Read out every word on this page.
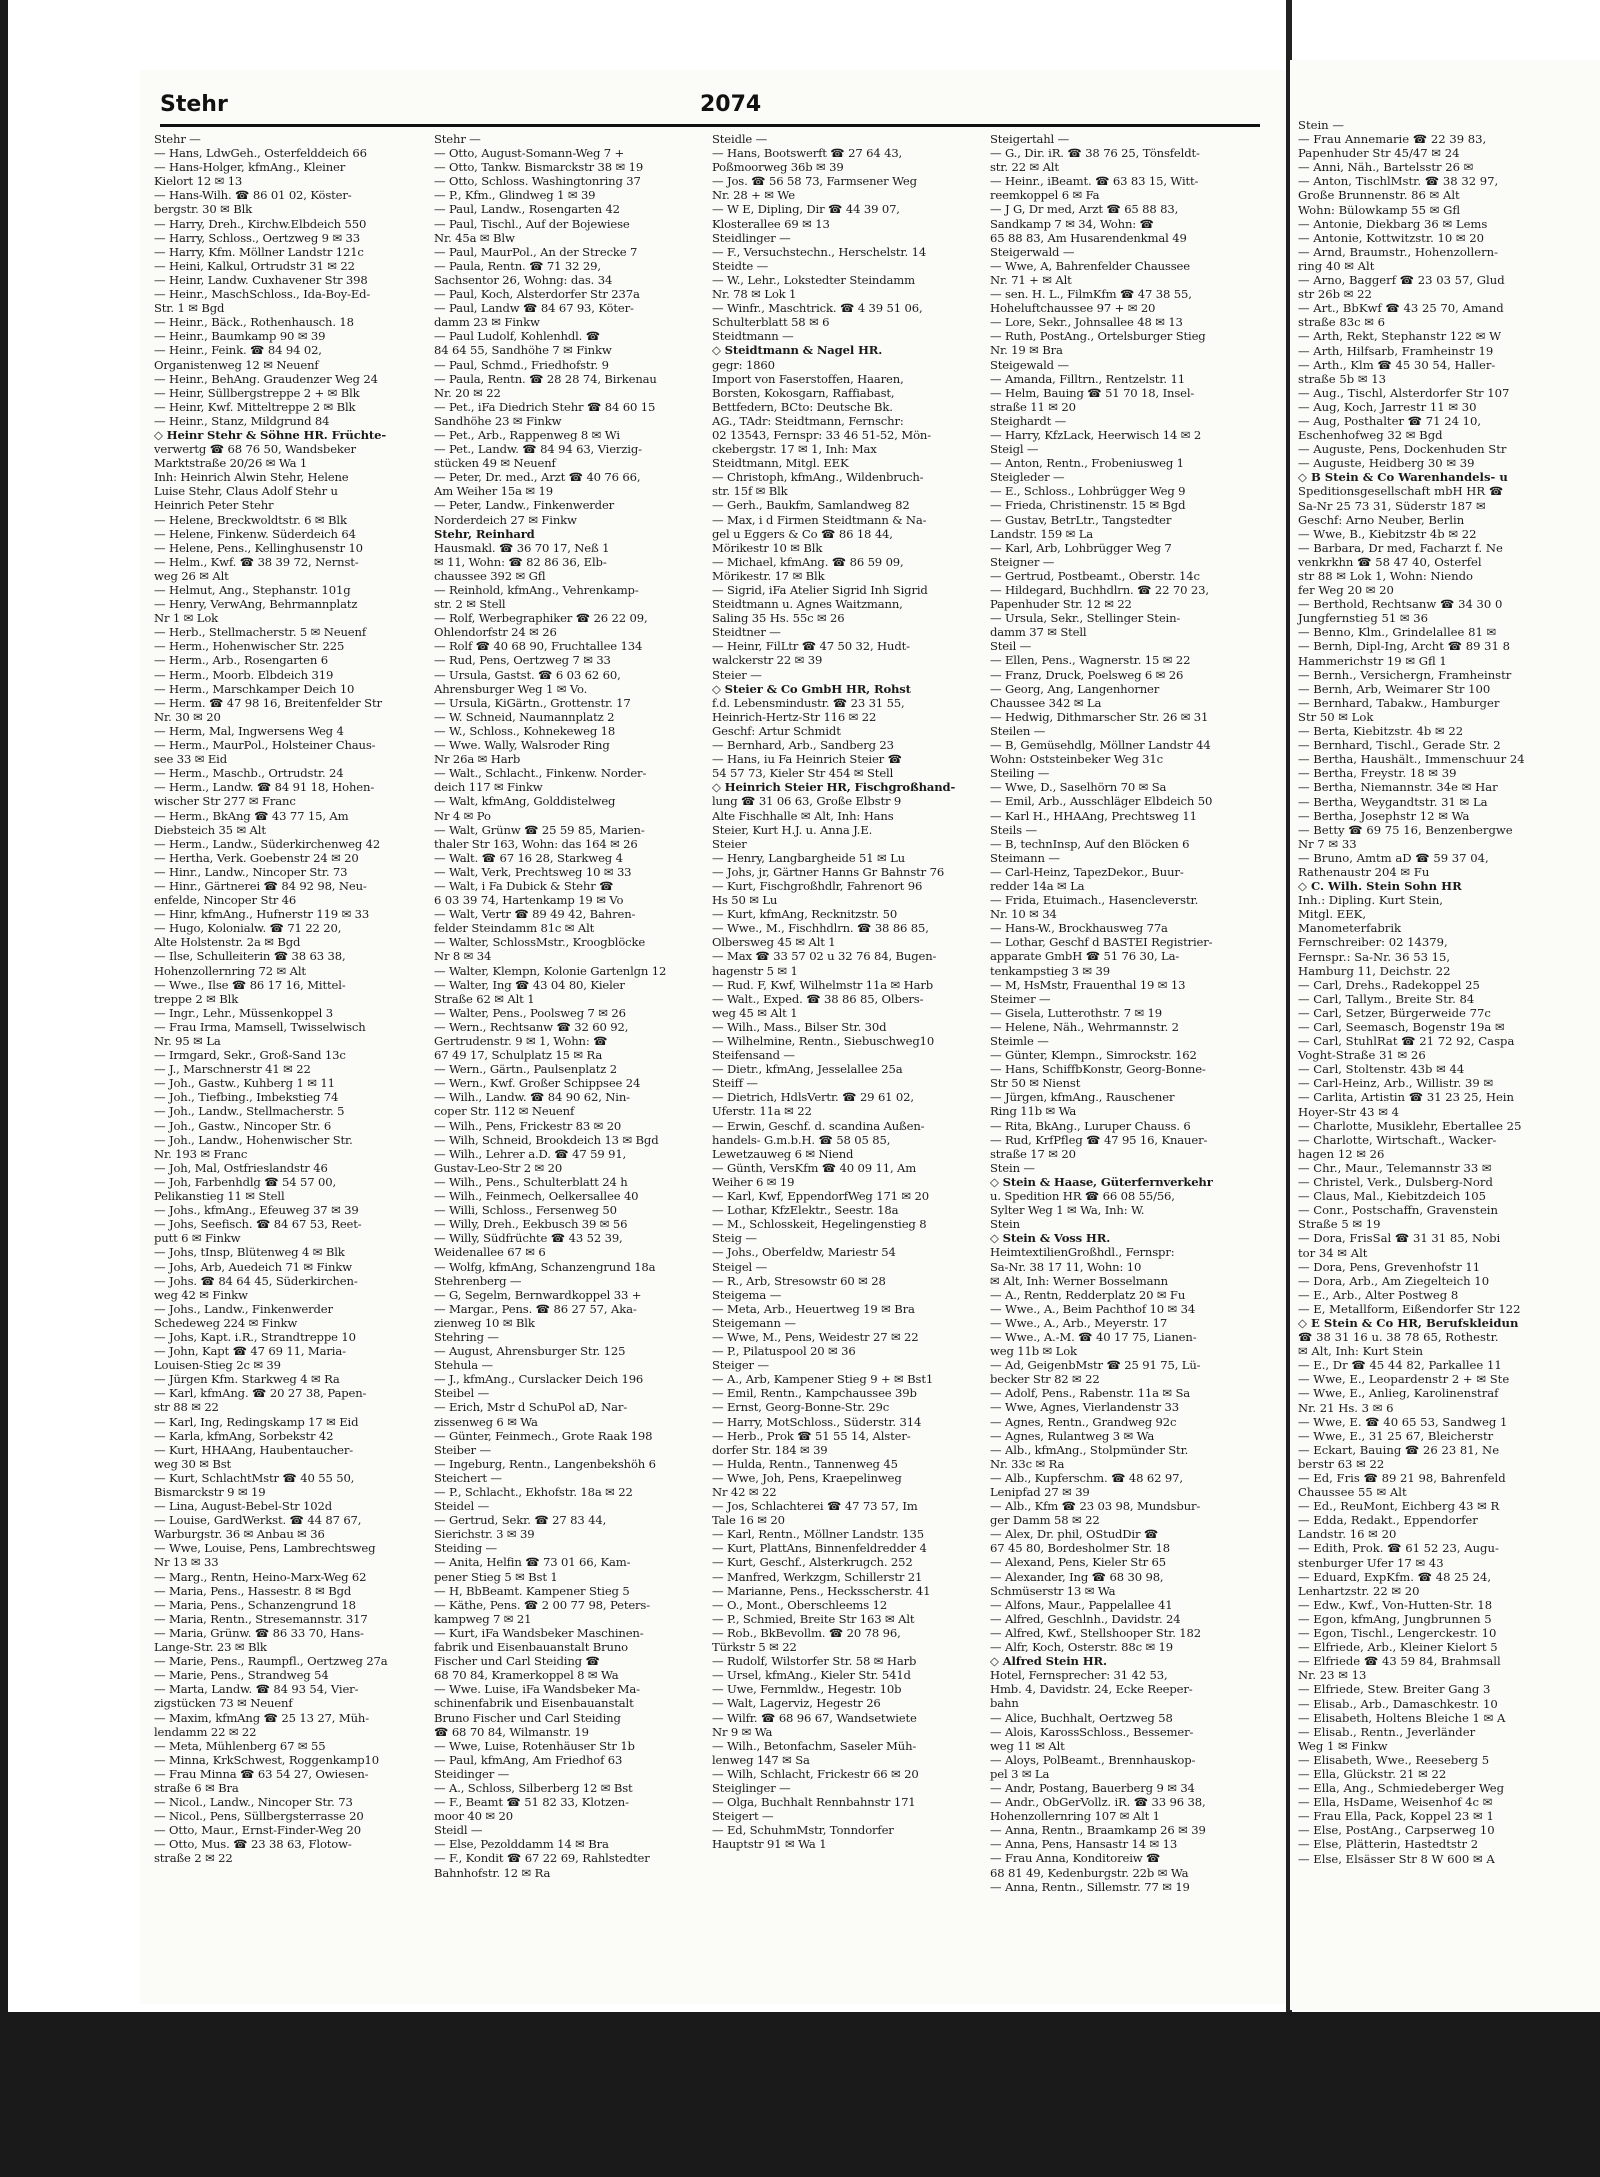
Stehr	2074
Stehr —
— Hans, LdwGeh., Osterfelddeich 66
— Hans-Holger, kfmAng., Kleiner
Kielort 12 ✉ 13
— Hans-Wilh. ☎ 86 01 02, Köster-
bergstr. 30 ✉ Blk
— Harry, Dreh., Kirchw.Elbdeich 550
— Harry, Schloss., Oertzweg 9 ✉ 33
— Harry, Kfm. Möllner Landstr 121c
— Heini, Kalkul, Ortrudstr 31 ✉ 22
— Heinr, Landw. Cuxhavener Str 398
— Heinr., MaschSchloss., Ida-Boy-Ed-
Str. 1 ✉ Bgd
— Heinr., Bäck., Rothenhausch. 18
— Heinr., Baumkamp 90 ✉ 39
— Heinr., Feink. ☎ 84 94 02,
Organistenweg 12 ✉ Neuenf
— Heinr., BehAng. Graudenzer Weg 24
— Heinr, Süllbergstreppe 2 + ✉ Blk
— Heinr, Kwf. Mitteltreppe 2 ✉ Blk
— Heinr., Stanz, Mildgrund 84
◇ Heinr Stehr & Söhne HR. Früchte-
verwertg ☎ 68 76 50, Wandsbeker
Marktstraße 20/26 ✉ Wa 1
Inh: Heinrich Alwin Stehr, Helene
Luise Stehr, Claus Adolf Stehr u
Heinrich Peter Stehr
— Helene, Breckwoldtstr. 6 ✉ Blk
— Helene, Finkenw. Süderdeich 64
— Helene, Pens., Kellinghusenstr 10
— Helm., Kwf. ☎ 38 39 72, Nernst-
weg 26 ✉ Alt
— Helmut, Ang., Stephanstr. 101g
— Henry, VerwAng, Behrmannplatz
Nr 1 ✉ Lok
— Herb., Stellmacherstr. 5 ✉ Neuenf
— Herm., Hohenwischer Str. 225
— Herm., Arb., Rosengarten 6
— Herm., Moorb. Elbdeich 319
— Herm., Marschkamper Deich 10
— Herm. ☎ 47 98 16, Breitenfelder Str
Nr. 30 ✉ 20
— Herm, Mal, Ingwersens Weg 4
— Herm., MaurPol., Holsteiner Chaus-
see 33 ✉ Eid
— Herm., Maschb., Ortrudstr. 24
— Herm., Landw. ☎ 84 91 18, Hohen-
wischer Str 277 ✉ Franc
— Herm., BkAng ☎ 43 77 15, Am
Diebsteich 35 ✉ Alt
— Herm., Landw., Süderkirchenweg 42
— Hertha, Verk. Goebenstr 24 ✉ 20
— Hinr., Landw., Nincoper Str. 73
— Hinr., Gärtnerei ☎ 84 92 98, Neu-
enfelde, Nincoper Str 46
— Hinr, kfmAng., Hufnerstr 119 ✉ 33
— Hugo, Kolonialw. ☎ 71 22 20,
Alte Holstenstr. 2a ✉ Bgd
— Ilse, Schulleiterin ☎ 38 63 38,
Hohenzollernring 72 ✉ Alt
— Wwe., Ilse ☎ 86 17 16, Mittel-
treppe 2 ✉ Blk
— Ingr., Lehr., Müssenkoppel 3
— Frau Irma, Mamsell, Twisselwisch
Nr. 95 ✉ La
— Irmgard, Sekr., Groß-Sand 13c
— J., Marschnerstr 41 ✉ 22
— Joh., Gastw., Kuhberg 1 ✉ 11
— Joh., Tiefbing., Imbekstieg 74
— Joh., Landw., Stellmacherstr. 5
— Joh., Gastw., Nincoper Str. 6
— Joh., Landw., Hohenwischer Str.
Nr. 193 ✉ Franc
— Joh, Mal, Ostfrieslandstr 46
— Joh, Farbenhdlg ☎ 54 57 00,
Pelikanstieg 11 ✉ Stell
— Johs., kfmAng., Efeuweg 37 ✉ 39
— Johs, Seefisch. ☎ 84 67 53, Reet-
putt 6 ✉ Finkw
— Johs, tInsp, Blütenweg 4 ✉ Blk
— Johs, Arb, Auedeich 71 ✉ Finkw
— Johs. ☎ 84 64 45, Süderkirchen-
weg 42 ✉ Finkw
— Johs., Landw., Finkenwerder
Schedeweg 224 ✉ Finkw
— Johs, Kapt. i.R., Strandtreppe 10
— John, Kapt ☎ 47 69 11, Maria-
Louisen-Stieg 2c ✉ 39
— Jürgen Kfm. Starkweg 4 ✉ Ra
— Karl, kfmAng. ☎ 20 27 38, Papen-
str 88 ✉ 22
— Karl, Ing, Redingskamp 17 ✉ Eid
— Karla, kfmAng, Sorbekstr 42
— Kurt, HHAAng, Haubentaucher-
weg 30 ✉ Bst
— Kurt, SchlachtMstr ☎ 40 55 50,
Bismarckstr 9 ✉ 19
— Lina, August-Bebel-Str 102d
— Louise, GardWerkst. ☎ 44 87 67,
Warburgstr. 36 ✉ Anbau ✉ 36
— Wwe, Louise, Pens, Lambrechtsweg
Nr 13 ✉ 33
— Marg., Rentn, Heino-Marx-Weg 62
— Maria, Pens., Hassestr. 8 ✉ Bgd
— Maria, Pens., Schanzengrund 18
— Maria, Rentn., Stresemannstr. 317
— Maria, Grünw. ☎ 86 33 70, Hans-
Lange-Str. 23 ✉ Blk
— Marie, Pens., Raumpfl., Oertzweg 27a
— Marie, Pens., Strandweg 54
— Marta, Landw. ☎ 84 93 54, Vier-
zigstücken 73 ✉ Neuenf
— Maxim, kfmAng ☎ 25 13 27, Müh-
lendamm 22 ✉ 22
— Meta, Mühlenberg 67 ✉ 55
— Minna, KrkSchwest, Roggenkamp10
— Frau Minna ☎ 63 54 27, Owiesen-
straße 6 ✉ Bra
— Nicol., Landw., Nincoper Str. 73
— Nicol., Pens, Süllbergsterrasse 20
— Otto, Maur., Ernst-Finder-Weg 20
— Otto, Mus. ☎ 23 38 63, Flotow-
straße 2 ✉ 22
Stehr —
— Otto, August-Somann-Weg 7 +
— Otto, Tankw. Bismarckstr 38 ✉ 19
— Otto, Schloss. Washingtonring 37
— P., Kfm., Glindweg 1 ✉ 39
— Paul, Landw., Rosengarten 42
— Paul, Tischl., Auf der Bojewiese
Nr. 45a ✉ Blw
— Paul, MaurPol., An der Strecke 7
— Paula, Rentn. ☎ 71 32 29,
Sachsentor 26, Wohng: das. 34
— Paul, Koch, Alsterdorfer Str 237a
— Paul, Landw ☎ 84 67 93, Köter-
damm 23 ✉ Finkw
— Paul Ludolf, Kohlenhdl. ☎
84 64 55, Sandhöhe 7 ✉ Finkw
— Paul, Schmd., Friedhofstr. 9
— Paula, Rentn. ☎ 28 28 74, Birkenau
Nr. 20 ✉ 22
— Pet., iFa Diedrich Stehr ☎ 84 60 15
Sandhöhe 23 ✉ Finkw
— Pet., Arb., Rappenweg 8 ✉ Wi
— Pet., Landw. ☎ 84 94 63, Vierzig-
stücken 49 ✉ Neuenf
— Peter, Dr. med., Arzt ☎ 40 76 66,
Am Weiher 15a ✉ 19
— Peter, Landw., Finkenwerder
Norderdeich 27 ✉ Finkw
Stehr, Reinhard
Hausmakl. ☎ 36 70 17, Neß 1
✉ 11, Wohn: ☎ 82 86 36, Elb-
chaussee 392 ✉ Gfl
— Reinhold, kfmAng., Vehrenkamp-
str. 2 ✉ Stell
— Rolf, Werbegraphiker ☎ 26 22 09,
Ohlendorfstr 24 ✉ 26
— Rolf ☎ 40 68 90, Fruchtallee 134
— Rud, Pens, Oertzweg 7 ✉ 33
— Ursula, Gastst. ☎ 6 03 62 60,
Ahrensburger Weg 1 ✉ Vo.
— Ursula, KiGärtn., Grottenstr. 17
— W. Schneid, Naumannplatz 2
— W., Schloss., Kohnekeweg 18
— Wwe. Wally, Walsroder Ring
Nr 26a ✉ Harb
— Walt., Schlacht., Finkenw. Norder-
deich 117 ✉ Finkw
— Walt, kfmAng, Golddistelweg
Nr 4 ✉ Po
— Walt, Grünw ☎ 25 59 85, Marien-
thaler Str 163, Wohn: das 164 ✉ 26
— Walt. ☎ 67 16 28, Starkweg 4
— Walt, Verk, Prechtsweg 10 ✉ 33
— Walt, i Fa Dubick & Stehr ☎
6 03 39 74, Hartenkamp 19 ✉ Vo
— Walt, Vertr ☎ 89 49 42, Bahren-
felder Steindamm 81c ✉ Alt
— Walter, SchlossMstr., Kroogblöcke
Nr 8 ✉ 34
— Walter, Klempn, Kolonie Gartenlgn 12
— Walter, Ing ☎ 43 04 80, Kieler
Straße 62 ✉ Alt 1
— Walter, Pens., Poolsweg 7 ✉ 26
— Wern., Rechtsanw ☎ 32 60 92,
Gertrudenstr. 9 ✉ 1, Wohn: ☎
67 49 17, Schulplatz 15 ✉ Ra
— Wern., Gärtn., Paulsenplatz 2
— Wern., Kwf. Großer Schippsee 24
— Wilh., Landw. ☎ 84 90 62, Nin-
coper Str. 112 ✉ Neuenf
— Wilh., Pens, Frickestr 83 ✉ 20
— Wilh, Schneid, Brookdeich 13 ✉ Bgd
— Wilh., Lehrer a.D. ☎ 47 59 91,
Gustav-Leo-Str 2 ✉ 20
— Wilh., Pens., Schulterblatt 24 h
— Wilh., Feinmech, Oelkersallee 40
— Willi, Schloss., Fersenweg 50
— Willy, Dreh., Eekbusch 39 ✉ 56
— Willy, Südfrüchte ☎ 43 52 39,
Weidenallee 67 ✉ 6
— Wolfg, kfmAng, Schanzengrund 18a
Stehrenberg —
— G, Segelm, Bernwardkoppel 33 +
— Margar., Pens. ☎ 86 27 57, Aka-
zienweg 10 ✉ Blk
Stehring —
— August, Ahrensburger Str. 125
Stehula —
— J., kfmAng., Curslacker Deich 196
Steibel —
— Erich, Mstr d SchuPol aD, Nar-
zissenweg 6 ✉ Wa
— Günter, Feinmech., Grote Raak 198
Steiber —
— Ingeburg, Rentn., Langenbekshöh 6
Steichert —
— P., Schlacht., Ekhofstr. 18a ✉ 22
Steidel —
— Gertrud, Sekr. ☎ 27 83 44,
Sierichstr. 3 ✉ 39
Steiding —
— Anita, Helfin ☎ 73 01 66, Kam-
pener Stieg 5 ✉ Bst 1
— H, BbBeamt. Kampener Stieg 5
— Käthe, Pens. ☎ 2 00 77 98, Peters-
kampweg 7 ✉ 21
— Kurt, iFa Wandsbeker Maschinen-
fabrik und Eisenbauanstalt Bruno
Fischer und Carl Steiding ☎
68 70 84, Kramerkoppel 8 ✉ Wa
— Wwe. Luise, iFa Wandsbeker Ma-
schinenfabrik und Eisenbauanstalt
Bruno Fischer und Carl Steiding
☎ 68 70 84, Wilmanstr. 19
— Wwe, Luise, Rotenhäuser Str 1b
— Paul, kfmAng, Am Friedhof 63
Steidinger —
— A., Schloss, Silberberg 12 ✉ Bst
— F., Beamt ☎ 51 82 33, Klotzen-
moor 40 ✉ 20
Steidl —
— Else, Pezolddamm 14 ✉ Bra
— F., Kondit ☎ 67 22 69, Rahlstedter
Bahnhofstr. 12 ✉ Ra
Steidle —
— Hans, Bootswerft ☎ 27 64 43,
Poßmoorweg 36b ✉ 39
— Jos. ☎ 56 58 73, Farmsener Weg
Nr. 28 + ✉ We
— W E, Dipling, Dir ☎ 44 39 07,
Klosterallee 69 ✉ 13
Steidlinger —
— F., Versuchstechn., Herschelstr. 14
Steidte —
— W., Lehr., Lokstedter Steindamm
Nr. 78 ✉ Lok 1
— Winfr., Maschtrick. ☎ 4 39 51 06,
Schulterblatt 58 ✉ 6
Steidtmann —
◇ Steidtmann & Nagel HR.
gegr: 1860
Import von Faserstoffen, Haaren,
Borsten, Kokosgarn, Raffiabast,
Bettfedern, BCto: Deutsche Bk.
AG., TAdr: Steidtmann, Fernschr:
02 13543, Fernspr: 33 46 51-52, Mön-
ckebergstr. 17 ✉ 1, Inh: Max
Steidtmann, Mitgl. EEK
— Christoph, kfmAng., Wildenbruch-
str. 15f ✉ Blk
— Gerh., Baukfm, Samlandweg 82
— Max, i d Firmen Steidtmann & Na-
gel u Eggers & Co ☎ 86 18 44,
Mörikestr 10 ✉ Blk
— Michael, kfmAng. ☎ 86 59 09,
Mörikestr. 17 ✉ Blk
— Sigrid, iFa Atelier Sigrid Inh Sigrid
Steidtmann u. Agnes Waitzmann,
Saling 35 Hs. 55c ✉ 26
Steidtner —
— Heinr, FilLtr ☎ 47 50 32, Hudt-
walckerstr 22 ✉ 39
Steier —
◇ Steier & Co GmbH HR, Rohst
f.d. Lebensmindustr. ☎ 23 31 55,
Heinrich-Hertz-Str 116 ✉ 22
Geschf: Artur Schmidt
— Bernhard, Arb., Sandberg 23
— Hans, iu Fa Heinrich Steier ☎
54 57 73, Kieler Str 454 ✉ Stell
◇ Heinrich Steier HR, Fischgroßhand-
lung ☎ 31 06 63, Große Elbstr 9
Alte Fischhalle ✉ Alt, Inh: Hans
Steier, Kurt H.J. u. Anna J.E.
Steier
— Henry, Langbargheide 51 ✉ Lu
— Johs, jr, Gärtner Hanns Gr Bahnstr 76
— Kurt, Fischgroßhdlr, Fahrenort 96
Hs 50 ✉ Lu
— Kurt, kfmAng, Recknitzstr. 50
— Wwe., M., Fischhdlrn. ☎ 38 86 85,
Olbersweg 45 ✉ Alt 1
— Max ☎ 33 57 02 u 32 76 84, Bugen-
hagenstr 5 ✉ 1
— Rud. F, Kwf, Wilhelmstr 11a ✉ Harb
— Walt., Exped. ☎ 38 86 85, Olbers-
weg 45 ✉ Alt 1
— Wilh., Mass., Bilser Str. 30d
— Wilhelmine, Rentn., Siebuschweg10
Steifensand —
— Dietr., kfmAng, Jesselallee 25a
Steiff —
— Dietrich, HdlsVertr. ☎ 29 61 02,
Uferstr. 11a ✉ 22
— Erwin, Geschf. d. scandina Außen-
handels- G.m.b.H. ☎ 58 05 85,
Lewetzauweg 6 ✉ Niend
— Günth, VersKfm ☎ 40 09 11, Am
Weiher 6 ✉ 19
— Karl, Kwf, EppendorfWeg 171 ✉ 20
— Lothar, KfzElektr., Seestr. 18a
— M., Schlosskeit, Hegelingenstieg 8
Steig —
— Johs., Oberfeldw, Mariestr 54
Steigel —
— R., Arb, Stresowstr 60 ✉ 28
Steigema —
— Meta, Arb., Heuertweg 19 ✉ Bra
Steigemann —
— Wwe, M., Pens, Weidestr 27 ✉ 22
— P., Pilatuspool 20 ✉ 36
Steiger —
— A., Arb, Kampener Stieg 9 + ✉ Bst1
— Emil, Rentn., Kampchaussee 39b
— Ernst, Georg-Bonne-Str. 29c
— Harry, MotSchloss., Süderstr. 314
— Herb., Prok ☎ 51 55 14, Alster-
dorfer Str. 184 ✉ 39
— Hulda, Rentn., Tannenweg 45
— Wwe, Joh, Pens, Kraepelinweg
Nr 42 ✉ 22
— Jos, Schlachterei ☎ 47 73 57, Im
Tale 16 ✉ 20
— Karl, Rentn., Möllner Landstr. 135
— Kurt, PlattAns, Binnenfeldredder 4
— Kurt, Geschf., Alsterkrugch. 252
— Manfred, Werkzgm, Schillerstr 21
— Marianne, Pens., Hecksscherstr. 41
— O., Mont., Oberschleems 12
— P., Schmied, Breite Str 163 ✉ Alt
— Rob., BkBevollm. ☎ 20 78 96,
Türkstr 5 ✉ 22
— Rudolf, Wilstorfer Str. 58 ✉ Harb
— Ursel, kfmAng., Kieler Str. 541d
— Uwe, Fernmldw., Hegestr. 10b
— Walt, Lagerviz, Hegestr 26
— Wilfr. ☎ 68 96 67, Wandsetwiete
Nr 9 ✉ Wa
— Wilh., Betonfachm, Saseler Müh-
lenweg 147 ✉ Sa
— Wilh, Schlacht, Frickestr 66 ✉ 20
Steiglinger —
— Olga, Buchhalt Rennbahnstr 171
Steigert —
— Ed, SchuhmMstr, Tonndorfer
Hauptstr 91 ✉ Wa 1
Steigertahl —
— G., Dir. iR. ☎ 38 76 25, Tönsfeldt-
str. 22 ✉ Alt
— Heinr., iBeamt. ☎ 63 83 15, Witt-
reemkoppel 6 ✉ Fa
— J G, Dr med, Arzt ☎ 65 88 83,
Sandkamp 7 ✉ 34, Wohn: ☎
65 88 83, Am Husarendenkmal 49
Steigerwald —
— Wwe, A, Bahrenfelder Chaussee
Nr. 71 + ✉ Alt
— sen. H. L., FilmKfm ☎ 47 38 55,
Hoheluftchaussee 97 + ✉ 20
— Lore, Sekr., Johnsallee 48 ✉ 13
— Ruth, PostAng., Ortelsburger Stieg
Nr. 19 ✉ Bra
Steigewald —
— Amanda, Filltrn., Rentzelstr. 11
— Helm, Bauing ☎ 51 70 18, Insel-
straße 11 ✉ 20
Steighardt —
— Harry, KfzLack, Heerwisch 14 ✉ 2
Steigl —
— Anton, Rentn., Frobeniusweg 1
Steigleder —
— E., Schloss., Lohbrügger Weg 9
— Frieda, Christinenstr. 15 ✉ Bgd
— Gustav, BetrLtr., Tangstedter
Landstr. 159 ✉ La
— Karl, Arb, Lohbrügger Weg 7
Steigner —
— Gertrud, Postbeamt., Oberstr. 14c
— Hildegard, Buchhdlrn. ☎ 22 70 23,
Papenhuder Str. 12 ✉ 22
— Ursula, Sekr., Stellinger Stein-
damm 37 ✉ Stell
Steil —
— Ellen, Pens., Wagnerstr. 15 ✉ 22
— Franz, Druck, Poelsweg 6 ✉ 26
— Georg, Ang, Langenhorner
Chaussee 342 ✉ La
— Hedwig, Dithmarscher Str. 26 ✉ 31
Steilen —
— B, Gemüsehdlg, Möllner Landstr 44
Wohn: Oststeinbeker Weg 31c
Steiling —
— Wwe, D., Saselhörn 70 ✉ Sa
— Emil, Arb., Ausschläger Elbdeich 50
— Karl H., HHAAng, Prechtsweg 11
Steils —
— B, technInsp, Auf den Blöcken 6
Steimann —
— Carl-Heinz, TapezDekor., Buur-
redder 14a ✉ La
— Frida, Etuimach., Hasencleverstr.
Nr. 10 ✉ 34
— Hans-W., Brockhausweg 77a
— Lothar, Geschf d BASTEI Registrier-
apparate GmbH ☎ 51 76 30, La-
tenkampstieg 3 ✉ 39
— M, HsMstr, Frauenthal 19 ✉ 13
Steimer —
— Gisela, Lutterothstr. 7 ✉ 19
— Helene, Näh., Wehrmannstr. 2
Steimle —
— Günter, Klempn., Simrockstr. 162
— Hans, SchiffbKonstr, Georg-Bonne-
Str 50 ✉ Nienst
— Jürgen, kfmAng., Rauschener
Ring 11b ✉ Wa
— Rita, BkAng., Luruper Chauss. 6
— Rud, KrfPfleg ☎ 47 95 16, Knauer-
straße 17 ✉ 20
Stein —
◇ Stein & Haase, Güterfernverkehr
u. Spedition HR ☎ 66 08 55/56,
Sylter Weg 1 ✉ Wa, Inh: W.
Stein
◇ Stein & Voss HR.
HeimtextilienGroßhdl., Fernspr:
Sa-Nr. 38 17 11, Wohn: 10
✉ Alt, Inh: Werner Bosselmann
— A., Rentn, Redderplatz 20 ✉ Fu
— Wwe., A., Beim Pachthof 10 ✉ 34
— Wwe., A., Arb., Meyerstr. 17
— Wwe., A.-M. ☎ 40 17 75, Lianen-
weg 11b ✉ Lok
— Ad, GeigenbMstr ☎ 25 91 75, Lü-
becker Str 82 ✉ 22
— Adolf, Pens., Rabenstr. 11a ✉ Sa
— Wwe, Agnes, Vierlandenstr 33
— Agnes, Rentn., Grandweg 92c
— Agnes, Rulantweg 3 ✉ Wa
— Alb., kfmAng., Stolpmünder Str.
Nr. 33c ✉ Ra
— Alb., Kupferschm. ☎ 48 62 97,
Lenipfad 27 ✉ 39
— Alb., Kfm ☎ 23 03 98, Mundsbur-
ger Damm 58 ✉ 22
— Alex, Dr. phil, OStudDir ☎
67 45 80, Bordesholmer Str. 18
— Alexand, Pens, Kieler Str 65
— Alexander, Ing ☎ 68 30 98,
Schmüserstr 13 ✉ Wa
— Alfons, Maur., Pappelallee 41
— Alfred, Geschlnh., Davidstr. 24
— Alfred, Kwf., Stellshooper Str. 182
— Alfr, Koch, Osterstr. 88c ✉ 19
◇ Alfred Stein HR.
Hotel, Fernsprecher: 31 42 53,
Hmb. 4, Davidstr. 24, Ecke Reeper-
bahn
— Alice, Buchhalt, Oertzweg 58
— Alois, KarossSchloss., Bessemer-
weg 11 ✉ Alt
— Aloys, PolBeamt., Brennhauskop-
pel 3 ✉ La
— Andr, Postang, Bauerberg 9 ✉ 34
— Andr., ObGerVollz. iR. ☎ 33 96 38,
Hohenzollernring 107 ✉ Alt 1
— Anna, Rentn., Braamkamp 26 ✉ 39
— Anna, Pens, Hansastr 14 ✉ 13
— Frau Anna, Konditoreiw ☎
68 81 49, Kedenburgstr. 22b ✉ Wa
— Anna, Rentn., Sillemstr. 77 ✉ 19
Stein —
— Frau Annemarie ☎ 22 39 83,
Papenhuder Str 45/47 ✉ 24
— Anni, Näh., Bartelsstr 26 ✉
— Anton, TischlMstr. ☎ 38 32 97,
Große Brunnenstr. 86 ✉ Alt
Wohn: Bülowkamp 55 ✉ Gfl
— Antonie, Diekbarg 36 ✉ Lems
— Antonie, Kottwitzstr. 10 ✉ 20
— Arnd, Braumstr., Hohenzollern-
ring 40 ✉ Alt
— Arno, Baggerf ☎ 23 03 57, Glud
str 26b ✉ 22
— Art., BbKwf ☎ 43 25 70, Amand
straße 83c ✉ 6
— Arth, Rekt, Stephanstr 122 ✉ W
— Arth, Hilfsarb, Framheinstr 19
— Arth., Klm ☎ 45 30 54, Haller-
straße 5b ✉ 13
— Aug., Tischl, Alsterdorfer Str 107
— Aug, Koch, Jarrestr 11 ✉ 30
— Aug, Posthalter ☎ 71 24 10,
Eschenhofweg 32 ✉ Bgd
— Auguste, Pens, Dockenhuden Str
— Auguste, Heidberg 30 ✉ 39
◇ B Stein & Co Warenhandels- u
Speditionsgesellschaft mbH HR ☎
Sa-Nr 25 73 31, Süderstr 187 ✉
Geschf: Arno Neuber, Berlin
— Wwe, B., Kiebitzstr 4b ✉ 22
— Barbara, Dr med, Facharzt f. Ne
venkrkhn ☎ 58 47 40, Osterfel
str 88 ✉ Lok 1, Wohn: Niendo
fer Weg 20 ✉ 20
— Berthold, Rechtsanw ☎ 34 30 0
Jungfernstieg 51 ✉ 36
— Benno, Klm., Grindelallee 81 ✉
— Bernh, Dipl-Ing, Archt ☎ 89 31 8
Hammerichstr 19 ✉ Gfl 1
— Bernh., Versichergn, Framheinstr
— Bernh, Arb, Weimarer Str 100
— Bernhard, Tabakw., Hamburger
Str 50 ✉ Lok
— Berta, Kiebitzstr. 4b ✉ 22
— Bernhard, Tischl., Gerade Str. 2
— Bertha, Haushält., Immenschuur 24
— Bertha, Freystr. 18 ✉ 39
— Bertha, Niemannstr. 34e ✉ Har
— Bertha, Weygandtstr. 31 ✉ La
— Bertha, Josephstr 12 ✉ Wa
— Betty ☎ 69 75 16, Benzenbergwe
Nr 7 ✉ 33
— Bruno, Amtm aD ☎ 59 37 04,
Rathenaustr 204 ✉ Fu
◇ C. Wilh. Stein Sohn HR
Inh.: Dipling. Kurt Stein,
Mitgl. EEK,
Manometerfabrik
Fernschreiber: 02 14379,
Fernspr.: Sa-Nr. 36 53 15,
Hamburg 11, Deichstr. 22
— Carl, Drehs., Radekoppel 25
— Carl, Tallym., Breite Str. 84
— Carl, Setzer, Bürgerweide 77c
— Carl, Seemasch, Bogenstr 19a ✉
— Carl, StuhlRat ☎ 21 72 92, Caspa
Voght-Straße 31 ✉ 26
— Carl, Stoltenstr. 43b ✉ 44
— Carl-Heinz, Arb., Willistr. 39 ✉
— Carlita, Artistin ☎ 31 23 25, Hein
Hoyer-Str 43 ✉ 4
— Charlotte, Musiklehr, Ebertallee 25
— Charlotte, Wirtschaft., Wacker-
hagen 12 ✉ 26
— Chr., Maur., Telemannstr 33 ✉
— Christel, Verk., Dulsberg-Nord
— Claus, Mal., Kiebitzdeich 105
— Conr., Postschaffn, Gravenstein
Straße 5 ✉ 19
— Dora, FrisSal ☎ 31 31 85, Nobi
tor 34 ✉ Alt
— Dora, Pens, Grevenhofstr 11
— Dora, Arb., Am Ziegelteich 10
— E., Arb., Alter Postweg 8
— E, Metallform, Eißendorfer Str 122
◇ E Stein & Co HR, Berufskleidun
☎ 38 31 16 u. 38 78 65, Rothestr.
✉ Alt, Inh: Kurt Stein
— E., Dr ☎ 45 44 82, Parkallee 11
— Wwe, E., Leopardenstr 2 + ✉ Ste
— Wwe, E., Anlieg, Karolinenstraf
Nr. 21 Hs. 3 ✉ 6
— Wwe, E. ☎ 40 65 53, Sandweg 1
— Wwe, E., 31 25 67, Bleicherstr
— Eckart, Bauing ☎ 26 23 81, Ne
berstr 63 ✉ 22
— Ed, Fris ☎ 89 21 98, Bahrenfeld
Chaussee 55 ✉ Alt
— Ed., ReuMont, Eichberg 43 ✉ R
— Edda, Redakt., Eppendorfer
Landstr. 16 ✉ 20
— Edith, Prok. ☎ 61 52 23, Augu-
stenburger Ufer 17 ✉ 43
— Eduard, ExpKfm. ☎ 48 25 24,
Lenhartzstr. 22 ✉ 20
— Edw., Kwf., Von-Hutten-Str. 18
— Egon, kfmAng, Jungbrunnen 5
— Egon, Tischl., Lengerckestr. 10
— Elfriede, Arb., Kleiner Kielort 5
— Elfriede ☎ 43 59 84, Brahmsall
Nr. 23 ✉ 13
— Elfriede, Stew. Breiter Gang 3
— Elisab., Arb., Damaschkestr. 10
— Elisabeth, Holtens Bleiche 1 ✉ A
— Elisab., Rentn., Jeverländer
Weg 1 ✉ Finkw
— Elisabeth, Wwe., Reeseberg 5
— Ella, Glückstr. 21 ✉ 22
— Ella, Ang., Schmiedeberger Weg
— Ella, HsDame, Weisenhof 4c ✉
— Frau Ella, Pack, Koppel 23 ✉ 1
— Else, PostAng., Carpserweg 10
— Else, Plätterin, Hastedtstr 2
— Else, Elsässer Str 8 W 600 ✉ A
